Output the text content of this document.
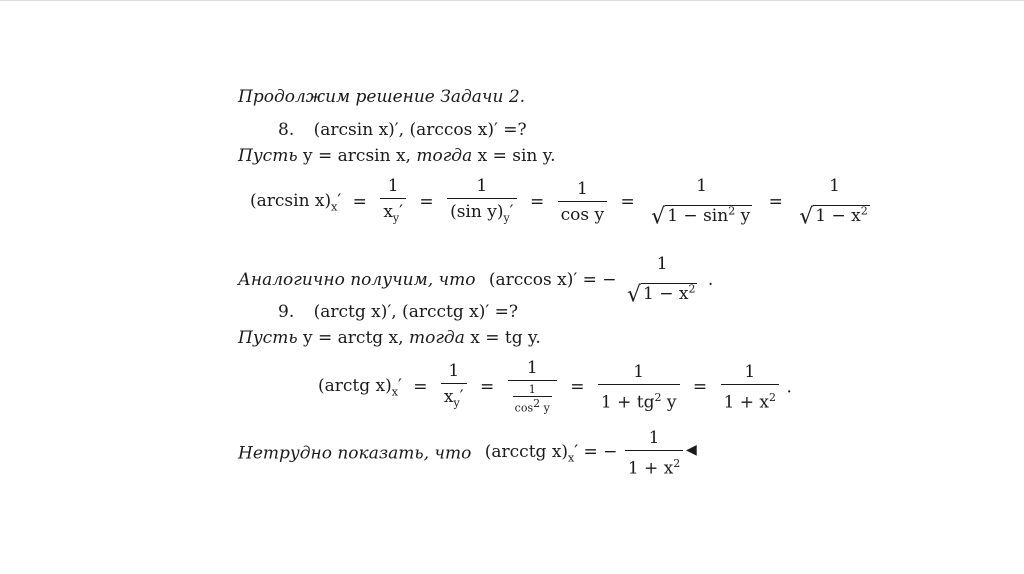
Продолжим решение Задачи 2.
8. (arcsin x)′, (arccos x)′ =?
Пусть y = arcsin x, тогда x = sin y.
(arcsin $x)_x' = \frac{1}{x_y'} = \frac{1}{(\sin y)_y'} = \frac{1}{\text{cos y}}$ =
1
√ $1 - \sin^2 y$
=
1
√ $1 - x^2$
Аналогично получим, что (arccos x)′ = −
1
√ $1 - x^2$ .
9. (arctg x)′, (arcctg x)′ =?
Пусть y = arctg x, тогда x = tg y.
(arctg $x)_x' = \frac{1}{x_y'} = \frac{1}{\frac{1}{\cos^2 y}} = \frac{1}{1 + tg^2 y} = \frac{1}{1 + x^2}$ .
Нетрудно показать, что (arcctg $x)_x'$ = − $\frac{1}{1 + x^2}$ ◀
